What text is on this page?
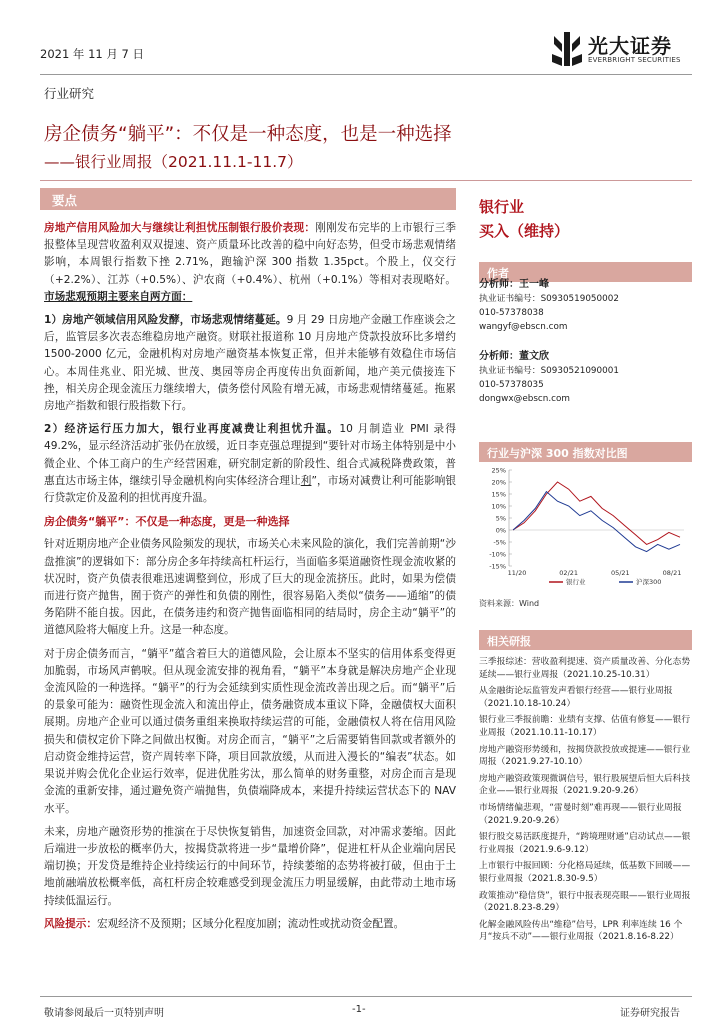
2021 年 11 月 7 日	光大证券
EVERBRIGHT SECURITIES
行业研究
房企债务“躺平”：不仅是一种态度，也是一种选择
——银行业周报（2021.11.1-11.7）
要点

房地产信用风险加大与继续让利担忧压制银行股价表现：刚刚发布完毕的上市银行三季报整体呈现营收盈利双双提速、资产质量环比改善的稳中向好态势，但受市场悲观情绪影响，本周银行指数下挫 2.71%，跑输沪深 300 指数 1.35pct。个股上，仪交行（+2.2%）、江苏（+0.5%）、沪农商（+0.4%）、杭州（+0.1%）等相对表现略好。市场悲观预期主要来自两方面：

1）房地产领域信用风险发酵，市场悲观情绪蔓延。9 月 29 日房地产金融工作座谈会之后，监管层多次表态维稳房地产融资。财联社报道称 10 月房地产贷款投放环比多增约 1500-2000 亿元，金融机构对房地产融资基本恢复正常，但并未能够有效稳住市场信心。本周佳兆业、阳光城、世茂、奥园等房企再度传出负面新闻，地产美元债接连下挫，相关房企现金流压力继续增大，债务偿付风险有增无减，市场悲观情绪蔓延。拖累房地产指数和银行股指数下行。

2）经济运行压力加大，银行业再度减费让利担忧升温。10 月制造业 PMI 录得 49.2%，显示经济活动扩张仍在放缓，近日李克强总理提到“要针对市场主体特别是中小微企业、个体工商户的生产经营困难，研究制定新的阶段性、组合式减税降费政策，普惠直达市场主体，继续引导金融机构向实体经济合理让利”，市场对减费让利可能影响银行贷款定价及盈利的担忧再度升温。

房企债务“躺平”：不仅是一种态度，更是一种选择

针对近期房地产企业债务风险频发的现状，市场关心未来风险的演化，我们完善前期“沙盘推演”的逻辑如下：部分房企多年持续高杠杆运行，当面临多渠道融资性现金流收紧的状况时，资产负债表很难迅速调整到位，形成了巨大的现金流挤压。此时，如果为偿债而进行资产抛售，囿于资产的弹性和负债的刚性，很容易陷入类似“债务——通缩”的债务陷阱不能自拔。因此，在债务违约和资产抛售面临相同的结局时，房企主动“躺平”的道德风险将大幅度上升。这是一种态度。

对于房企债务而言，“躺平”蕴含着巨大的道德风险，会让原本不坚实的信用体系变得更加脆弱，市场风声鹤唳。但从现金流安排的视角看，“躺平”本身就是解决房地产企业现金流风险的一种选择。“躺平”的行为会延续到实质性现金流改善出现之后。而“躺平”后的景象可能为：融资性现金流入和流出停止，债务融资成本重议下降，金融债权大面积展期。房地产企业可以通过债务重组来换取持续运营的可能，金融债权人将在信用风险损失和债权定价下降之间做出权衡。对房企而言，“躺平”之后需要销售回款或者额外的启动资金维持运营，资产周转率下降，项目回款放缓，从而进入漫长的“编表”状态。如果说并购会优化企业运行效率，促进优胜劣汰，那么简单的财务重整，对房企而言是现金流的重新安排，通过避免资产端抛售，负债端降成本，来提升持续运营状态下的 NAV 水平。

未来，房地产融资形势的推演在于尽快恢复销售，加速资金回款，对冲需求萎缩。因此后端进一步放松的概率仍大，按揭贷款将进一步“量增价降”，促进杠杆从企业端向居民端切换；开发贷是维持企业持续运行的中间环节，持续萎缩的态势将被打破，但由于土地前融端放松概率低，高杠杆房企较难感受到现金流压力明显缓解，由此带动土地市场持续低温运行。

风险提示：宏观经济不及预期；区域分化程度加剧；流动性或扰动资金配置。

银行业
买入（维持）
作者
分析师：王一峰
执业证书编号：S0930519050002
010-57378038
wangyf@ebscn.com
分析师：董文欣
执业证书编号：S0930521090001
010-57378035
dongwx@ebscn.com
行业与沪深 300 指数对比图
25%
20%
15%
10%
5%
0%
-5%
-10%
-15%
11/20	02/21	05/21	08/21
银行业	沪深300
资料来源：Wind
相关研报
三季报综述：营收盈利提速、资产质量改善、分化态势延续——银行业周报（2021.10.25-10.31）
从金融街论坛监管发声看银行经营——银行业周报（2021.10.18-10.24）
银行业三季报前瞻：业绩有支撑、估值有修复——银行业周报（2021.10.11-10.17）
房地产融资形势缓和，按揭贷款投放或提速——银行业周报（2021.9.27-10.10）
房地产融资政策现微调信号，银行股展望后恒大后科技企业——银行业周报（2021.9.20-9.26）
市场情绪偏悲观，“雷曼时刻”难再现——银行业周报（2021.9.20-9.26）
银行股交易活跃度提升，“跨境理财通”启动试点——银行业周报（2021.9.6-9.12）
上市银行中报回顾：分化格局延续，低基数下回暖——银行业周报（2021.8.30-9.5）
政策推动“稳信贷”，银行中报表现亮眼——银行业周报（2021.8.23-8.29）
化解金融风险传出“维稳”信号，LPR 利率连续 16 个月“按兵不动”——银行业周报（2021.8.16-8.22）
敬请参阅最后一页特别声明	-1-	证券研究报告
